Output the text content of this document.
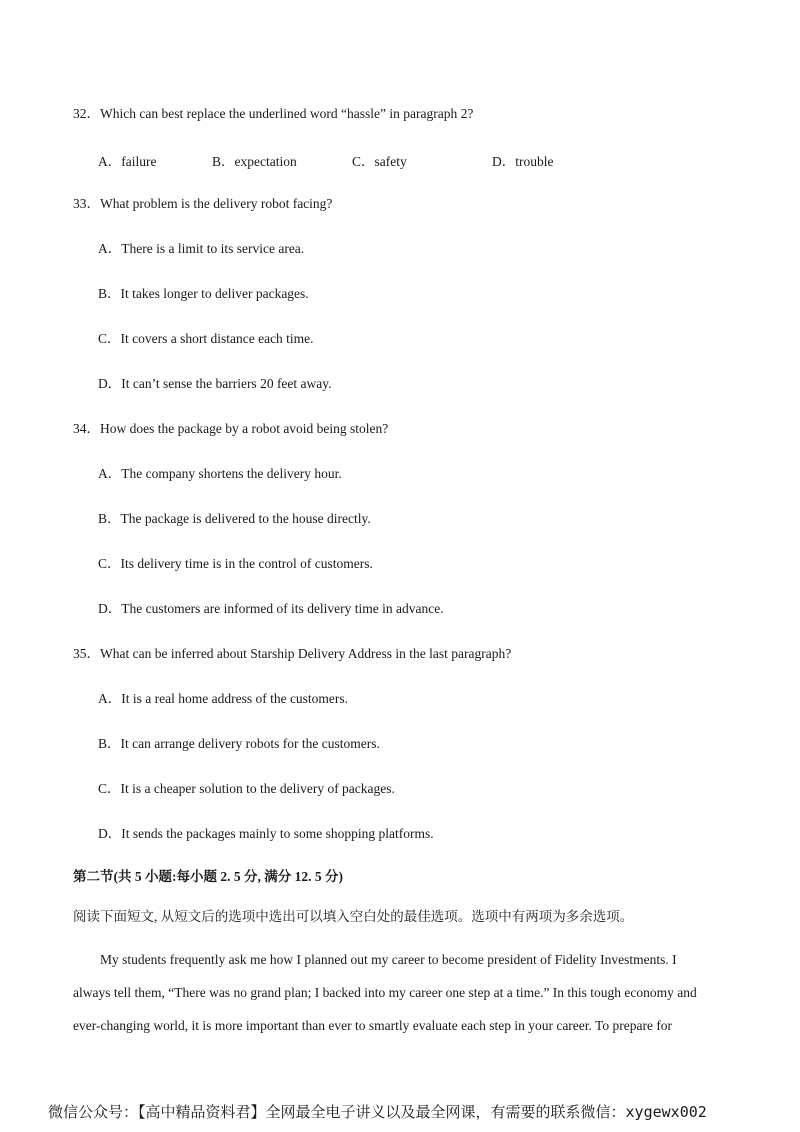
32．Which can best replace the underlined word “hassle” in paragraph 2?
A．failure	B．expectation	C．safety	D．trouble
33．What problem is the delivery robot facing?
A．There is a limit to its service area.
B．It takes longer to deliver packages.
C．It covers a short distance each time.
D．It can’t sense the barriers 20 feet away.
34．How does the package by a robot avoid being stolen?
A．The company shortens the delivery hour.
B．The package is delivered to the house directly.
C．Its delivery time is in the control of customers.
D．The customers are informed of its delivery time in advance.
35．What can be inferred about Starship Delivery Address in the last paragraph?
A．It is a real home address of the customers.
B．It can arrange delivery robots for the customers.
C．It is a cheaper solution to the delivery of packages.
D．It sends the packages mainly to some shopping platforms.
第二节(共 5 小题:每小题 2. 5 分, 满分 12. 5 分)
阅读下面短文, 从短文后的选项中选出可以填入空白处的最佳选项。选项中有两项为多余选项。
My students frequently ask me how I planned out my career to become president of Fidelity Investments. I
always tell them, “There was no grand plan; I backed into my career one step at a time.” In this tough economy and
ever-changing world, it is more important than ever to smartly evaluate each step in your career. To prepare for
微信公众号：【高中精品资料君】全网最全电子讲义以及最全网课，有需要的联系微信：xygewx002
